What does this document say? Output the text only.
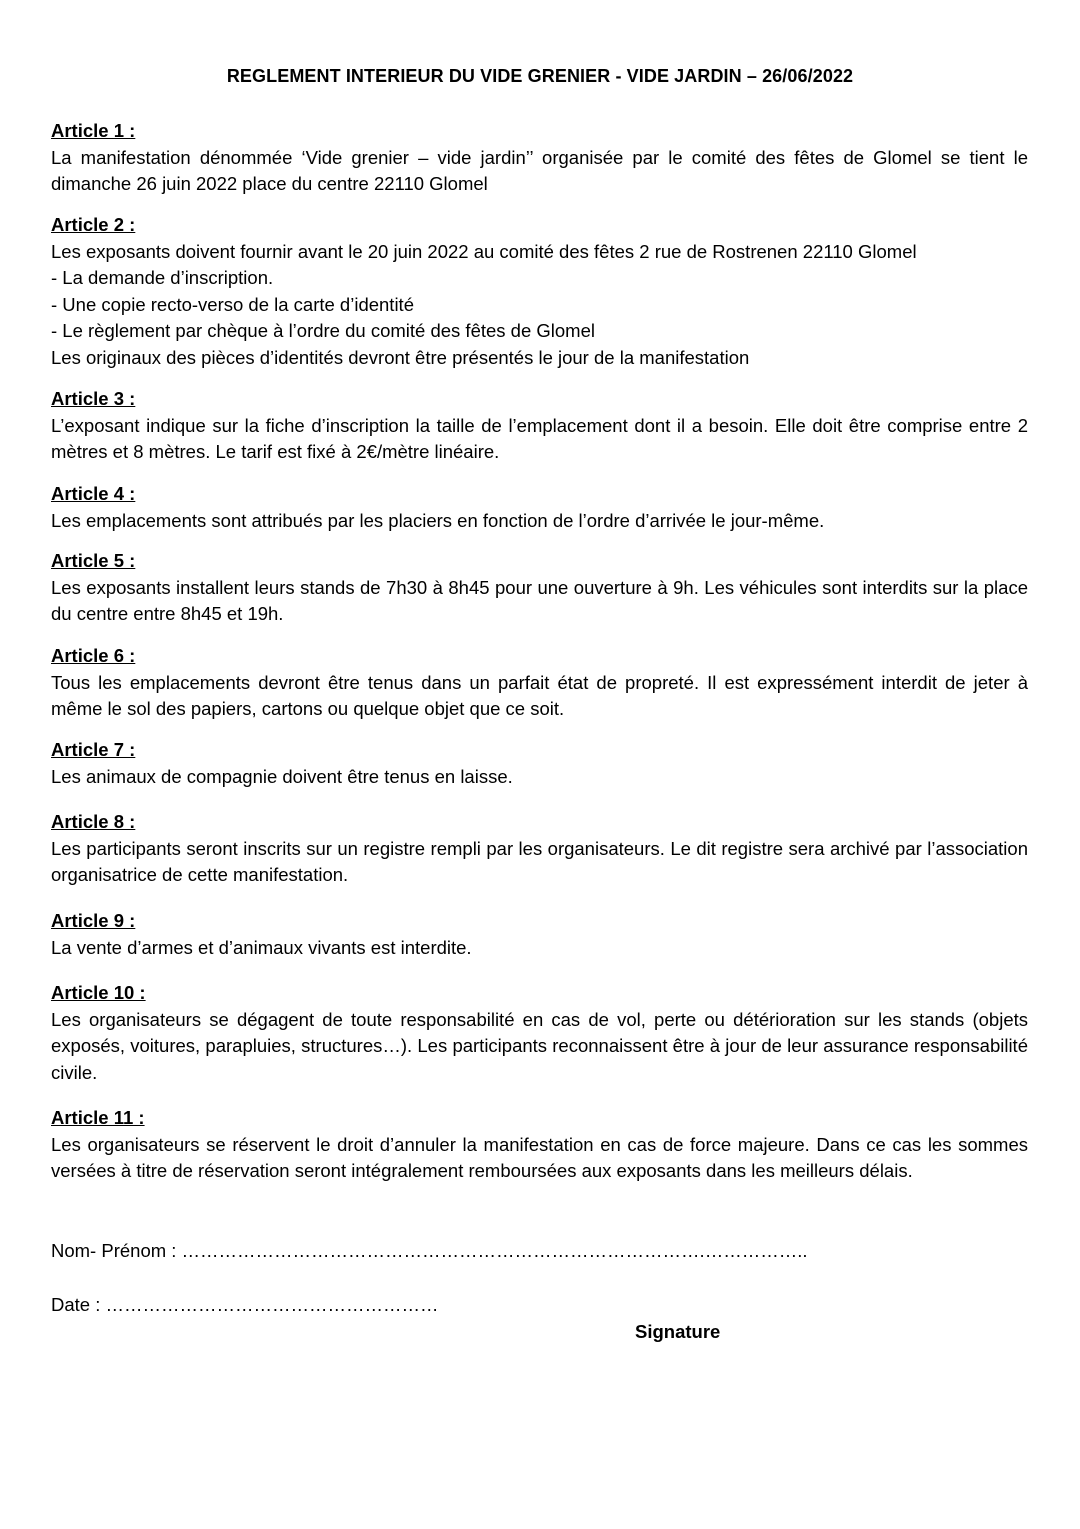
REGLEMENT INTERIEUR DU VIDE GRENIER - VIDE JARDIN – 26/06/2022
Article 1 :

La manifestation dénommée ‘Vide grenier – vide jardin’’ organisée par le comité des fêtes de Glomel se tient le dimanche 26 juin 2022 place du centre 22110 Glomel

Article 2 :
Les exposants doivent fournir avant le 20 juin 2022 au comité des fêtes 2 rue de Rostrenen 22110 Glomel
- La demande d’inscription.
- Une copie recto-verso de la carte d’identité
- Le règlement par chèque à l’ordre du comité des fêtes de Glomel
Les originaux des pièces d’identités devront être présentés le jour de la manifestation
Article 3 :

L’exposant indique sur la fiche d’inscription la taille de l’emplacement dont il a besoin. Elle doit être comprise entre 2 mètres et 8 mètres. Le tarif est fixé à 2€/mètre linéaire.

Article 4 :

Les emplacements sont attribués par les placiers en fonction de l’ordre d’arrivée le jour-même.

Article 5 :

Les exposants installent leurs stands de 7h30 à 8h45 pour une ouverture à 9h. Les véhicules sont interdits sur la place du centre entre 8h45 et 19h.

Article 6 :

Tous les emplacements devront être tenus dans un parfait état de propreté. Il est expressément interdit de jeter à même le sol des papiers, cartons ou quelque objet que ce soit.

Article 7 :

Les animaux de compagnie doivent être tenus en laisse.

Article 8 :

Les participants seront inscrits sur un registre rempli par les organisateurs. Le dit registre sera archivé par l’association organisatrice de cette manifestation.

Article 9 :

La vente d’armes et d’animaux vivants est interdite.

Article 10 :

Les organisateurs se dégagent de toute responsabilité en cas de vol, perte ou détérioration sur les stands (objets exposés, voitures, parapluies, structures…). Les participants reconnaissent être à jour de leur assurance responsabilité civile.

Article 11 :

Les organisateurs se réservent le droit d’annuler la manifestation en cas de force majeure. Dans ce cas les sommes versées à titre de réservation seront intégralement remboursées aux exposants dans les meilleurs délais.

Nom- Prénom : ………………………………………………………………………….……………..
Date : ………………………………………………
Signature
